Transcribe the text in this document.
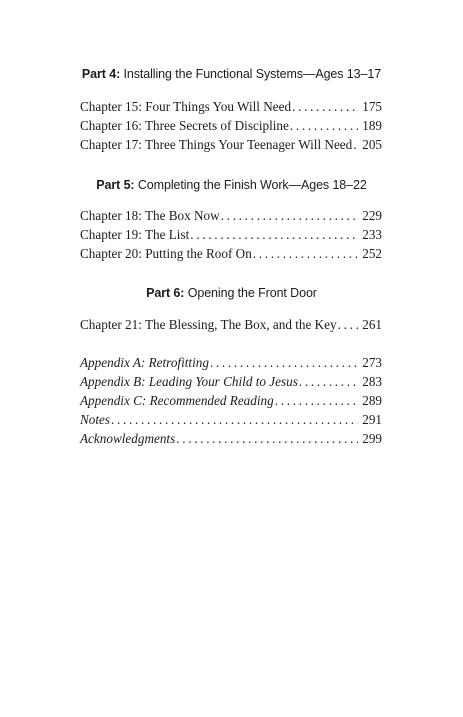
Part 4: Installing the Functional Systems—Ages 13–17
Chapter 15: Four Things You Will Need . . .	175
Chapter 16: Three Secrets of Discipline . . .	189
Chapter 17: Three Things Your Teenager Will Need . . . 205
Part 5: Completing the Finish Work—Ages 18–22
Chapter 18: The Box Now . . .	229
Chapter 19: The List . . .	233
Chapter 20: Putting the Roof On . . .	252
Part 6: Opening the Front Door
Chapter 21: The Blessing, The Box, and the Key . . .	261
Appendix A: Retrofitting . . .	273
Appendix B: Leading Your Child to Jesus . . .	283
Appendix C: Recommended Reading . . .	289
Notes . . .	291
Acknowledgments . . .	299
